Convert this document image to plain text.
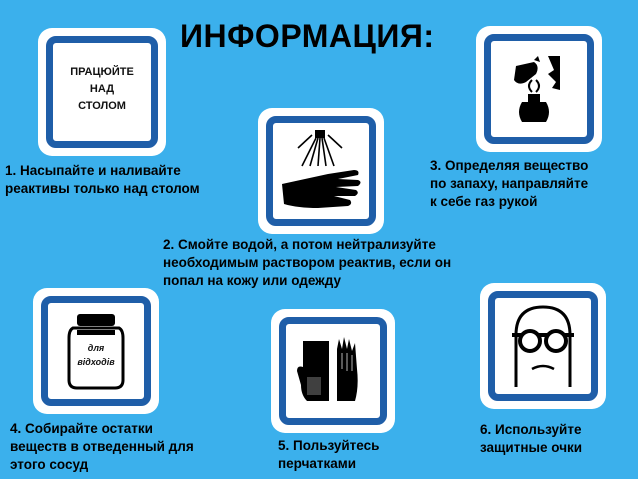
ИНФОРМАЦИЯ:
ПРАЦЮЙТЕ
НАД
СТОЛОМ
для
відходів
1. Насыпайте и наливайте
реактивы только над столом
2. Смойте водой, а потом нейтрализуйте
необходимым раствором реактив, если он
попал на кожу или одежду
3. Определяя вещество
по запаху, направляйте
к себе газ рукой
4. Собирайте остатки
веществ в отведенный для
этого сосуд
5. Пользуйтесь
перчатками
6. Используйте
защитные очки
